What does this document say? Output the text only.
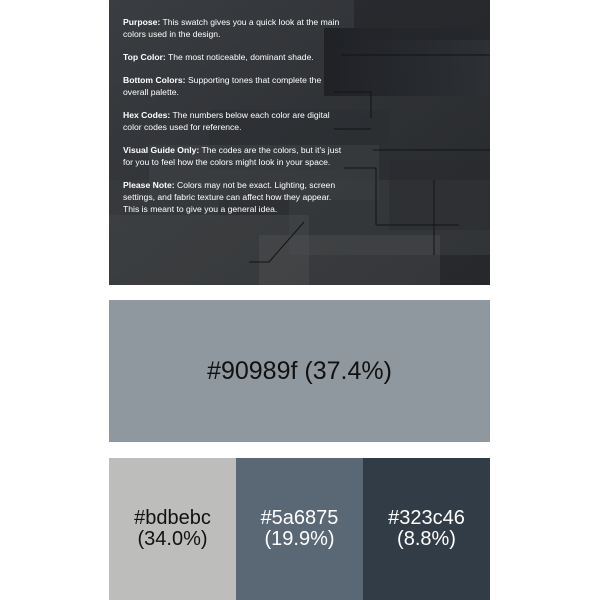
Purpose: This swatch gives you a quick look at the main colors used in the design.

Top Color: The most noticeable, dominant shade.

Bottom Colors: Supporting tones that complete the overall palette.

Hex Codes: The numbers below each color are digital color codes used for reference.

Visual Guide Only: The codes are the colors, but it's just for you to feel how the colors might look in your space.

Please Note: Colors may not be exact. Lighting, screen settings, and fabric texture can affect how they appear. This is meant to give you a general idea.

#90989f (37.4%)
#bdbebc
(34.0%)
#5a6875
(19.9%)
#323c46
(8.8%)
